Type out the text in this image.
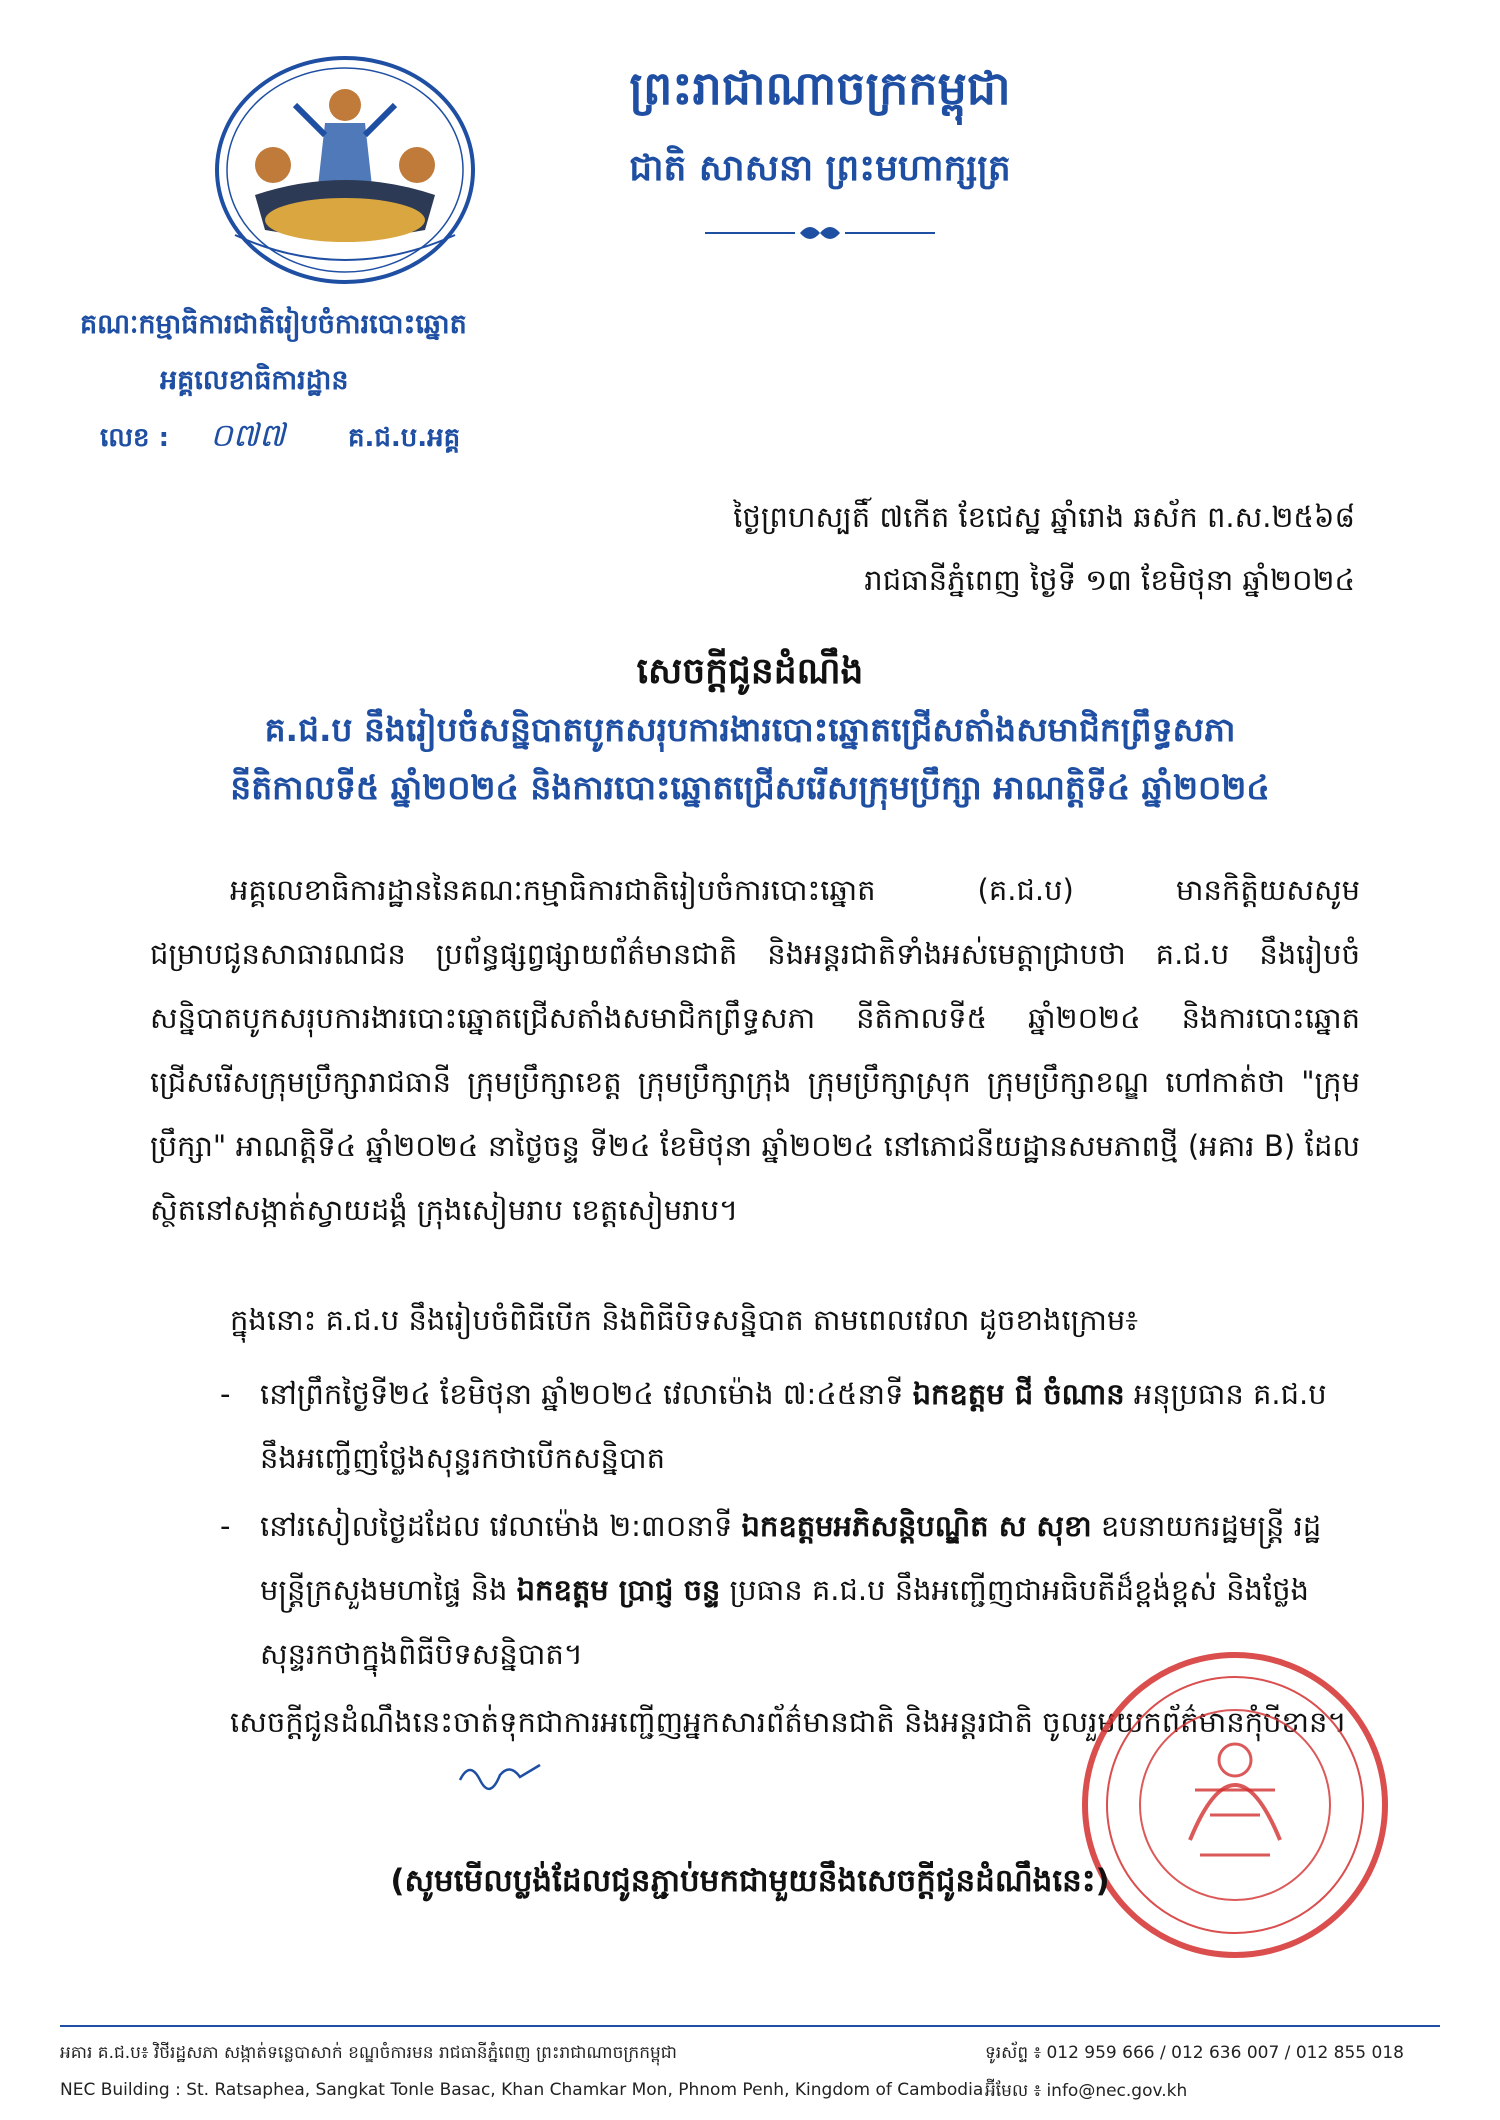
ព្រះរាជាណាចក្រកម្ពុជា
ជាតិ សាសនា ព្រះមហាក្សត្រ
គណៈកម្មាធិការជាតិរៀបចំការបោះឆ្នោត
អគ្គលេខាធិការដ្ឋាន
លេខ : ០៧៧ គ.ជ.ប.អគ្គ
ថ្ងៃព្រហស្បតិ៍ ៧កើត ខែជេស្ឋ ឆ្នាំរោង ឆស័ក ព.ស.២៥៦៨
រាជធានីភ្នំពេញ ថ្ងៃទី ១៣ ខែមិថុនា ឆ្នាំ២០២៤
សេចក្តីជូនដំណឹង
គ.ជ.ប នឹងរៀបចំសន្និបាតបូកសរុបការងារបោះឆ្នោតជ្រើសតាំងសមាជិកព្រឹទ្ធសភា
នីតិកាលទី៥ ឆ្នាំ២០២៤ និងការបោះឆ្នោតជ្រើសរើសក្រុមប្រឹក្សា អាណត្តិទី៤ ឆ្នាំ២០២៤
អគ្គលេខាធិការដ្ឋាននៃគណៈកម្មាធិការជាតិរៀបចំការបោះឆ្នោត (គ.ជ.ប) មានកិត្តិយសសូមជម្រាបជូនសាធារណជន ប្រព័ន្ធផ្សព្វផ្សាយព័ត៌មានជាតិ និងអន្តរជាតិទាំងអស់មេត្តាជ្រាបថា គ.ជ.ប នឹងរៀបចំសន្និបាតបូកសរុបការងារបោះឆ្នោតជ្រើសតាំងសមាជិកព្រឹទ្ធសភា នីតិកាលទី៥ ឆ្នាំ២០២៤ និងការបោះឆ្នោតជ្រើសរើសក្រុមប្រឹក្សារាជធានី ក្រុមប្រឹក្សាខេត្ត ក្រុមប្រឹក្សាក្រុង ក្រុមប្រឹក្សាស្រុក ក្រុមប្រឹក្សាខណ្ឌ ហៅកាត់ថា "ក្រុមប្រឹក្សា" អាណត្តិទី៤ ឆ្នាំ២០២៤ នាថ្ងៃចន្ទ ទី២៤ ខែមិថុនា ឆ្នាំ២០២៤ នៅភោជនីយដ្ឋានសមភាពថ្មី (អគារ B) ដែលស្ថិតនៅសង្កាត់ស្វាយដង្គំ ក្រុងសៀមរាប ខេត្តសៀមរាប។
ក្នុងនោះ គ.ជ.ប នឹងរៀបចំពិធីបើក និងពិធីបិទសន្និបាត តាមពេលវេលា ដូចខាងក្រោម៖
- នៅព្រឹកថ្ងៃទី២៤ ខែមិថុនា ឆ្នាំ២០២៤ វេលាម៉ោង ៧:៤៥នាទី ឯកឧត្តម ជី ចំណាន អនុប្រធាន គ.ជ.ប នឹងអញ្ជើញថ្លែងសុន្ទរកថាបើកសន្និបាត
- នៅរសៀលថ្ងៃដដែល វេលាម៉ោង ២:៣០នាទី ឯកឧត្តមអភិសន្តិបណ្ឌិត ស សុខា ឧបនាយករដ្ឋមន្ត្រី រដ្ឋមន្ត្រីក្រសួងមហាផ្ទៃ និង ឯកឧត្តម ប្រាជ្ញ ចន្ទ ប្រធាន គ.ជ.ប នឹងអញ្ជើញជាអធិបតីដ៏ខ្ពង់ខ្ពស់ និងថ្លែងសុន្ទរកថាក្នុងពិធីបិទសន្និបាត។
សេចក្តីជូនដំណឹងនេះចាត់ទុកជាការអញ្ជើញអ្នកសារព័ត៌មានជាតិ និងអន្តរជាតិ ចូលរួមយកព័ត៌មានកុំបីខាន។
(សូមមើលប្លង់ដែលជូនភ្ជាប់មកជាមួយនឹងសេចក្តីជូនដំណឹងនេះ)
អគារ គ.ជ.ប៖ វិថីរដ្ឋសភា សង្កាត់ទន្លេបាសាក់ ខណ្ឌចំការមន រាជធានីភ្នំពេញ ព្រះរាជាណាចក្រកម្ពុជា
NEC Building : St. Ratsaphea, Sangkat Tonle Basac, Khan Chamkar Mon, Phnom Penh, Kingdom of Cambodia
ទូរស័ព្ទ ៖ 012 959 666 / 012 636 007 / 012 855 018
អ៊ីមែល ៖ info@nec.gov.kh
